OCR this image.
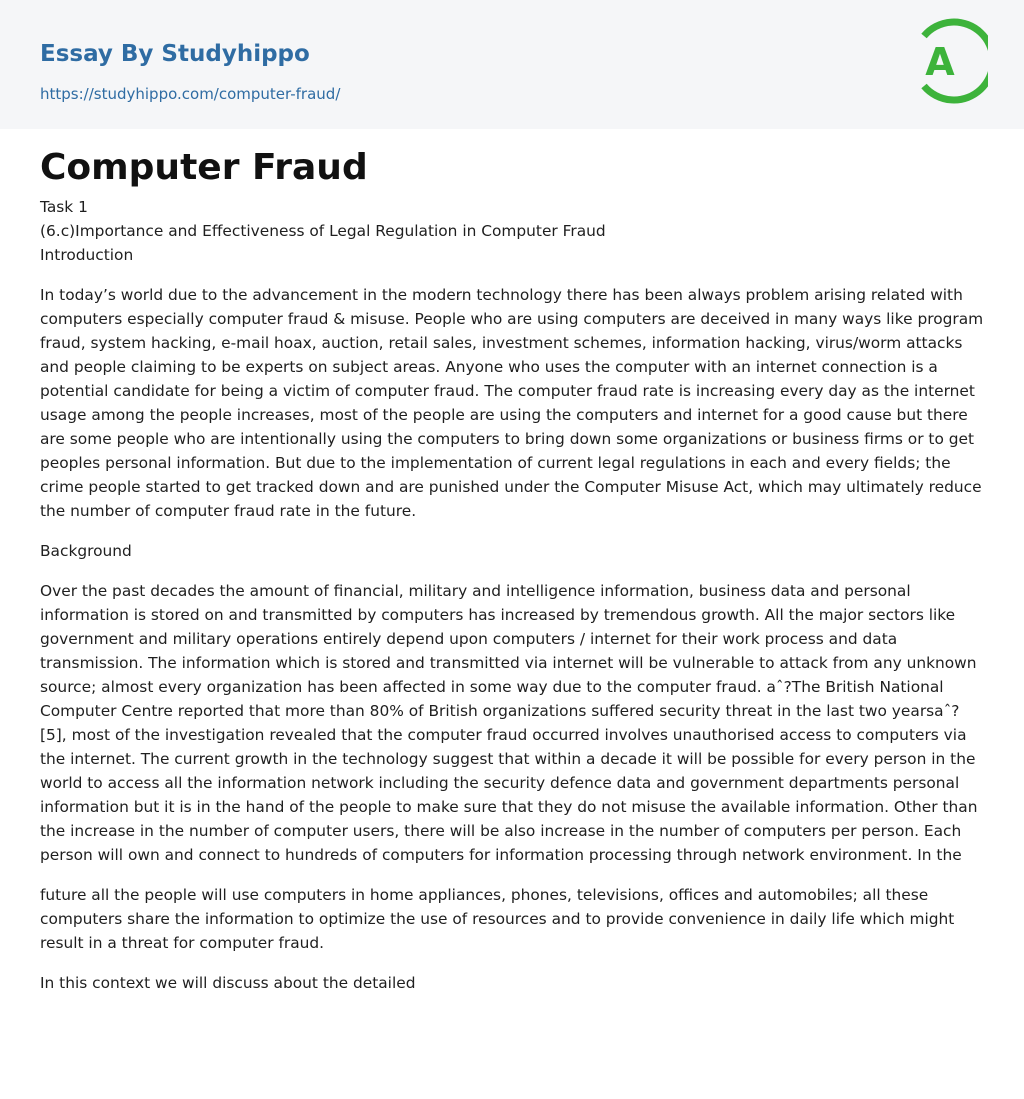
Essay By Studyhippo
https://studyhippo.com/computer-fraud/
A
Computer Fraud
Task 1
(6.c)Importance and Effectiveness of Legal Regulation in Computer Fraud
Introduction

In today’s world due to the advancement in the modern technology there has been always problem arising related with computers especially computer fraud & misuse. People who are using computers are deceived in many ways like program fraud, system hacking, e-mail hoax, auction, retail sales, investment schemes, information hacking, virus/worm attacks and people claiming to be experts on subject areas. Anyone who uses the computer with an internet connection is a potential candidate for being a victim of computer fraud. The computer fraud rate is increasing every day as the internet usage among the people increases, most of the people are using the computers and internet for a good cause but there are some people who are intentionally using the computers to bring down some organizations or business firms or to get peoples personal information. But due to the implementation of current legal regulations in each and every fields; the crime people started to get tracked down and are punished under the Computer Misuse Act, which may ultimately reduce the number of computer fraud rate in the future.

Background

Over the past decades the amount of financial, military and intelligence information, business data and personal information is stored on and transmitted by computers has increased by tremendous growth. All the major sectors like government and military operations entirely depend upon computers / internet for their work process and data transmission. The information which is stored and transmitted via internet will be vulnerable to attack from any unknown source; almost every organization has been affected in some way due to the computer fraud. aˆ?The British National Computer Centre reported that more than 80% of British organizations suffered security threat in the last two yearsaˆ? [5], most of the investigation revealed that the computer fraud occurred involves unauthorised access to computers via the internet. The current growth in the technology suggest that within a decade it will be possible for every person in the world to access all the information network including the security defence data and government departments personal information but it is in the hand of the people to make sure that they do not misuse the available information. Other than the increase in the number of computer users, there will be also increase in the number of computers per person. Each person will own and connect to hundreds of computers for information processing through network environment. In the

future all the people will use computers in home appliances, phones, televisions, offices and automobiles; all these computers share the information to optimize the use of resources and to provide convenience in daily life which might result in a threat for computer fraud.

In this context we will discuss about the detailed
